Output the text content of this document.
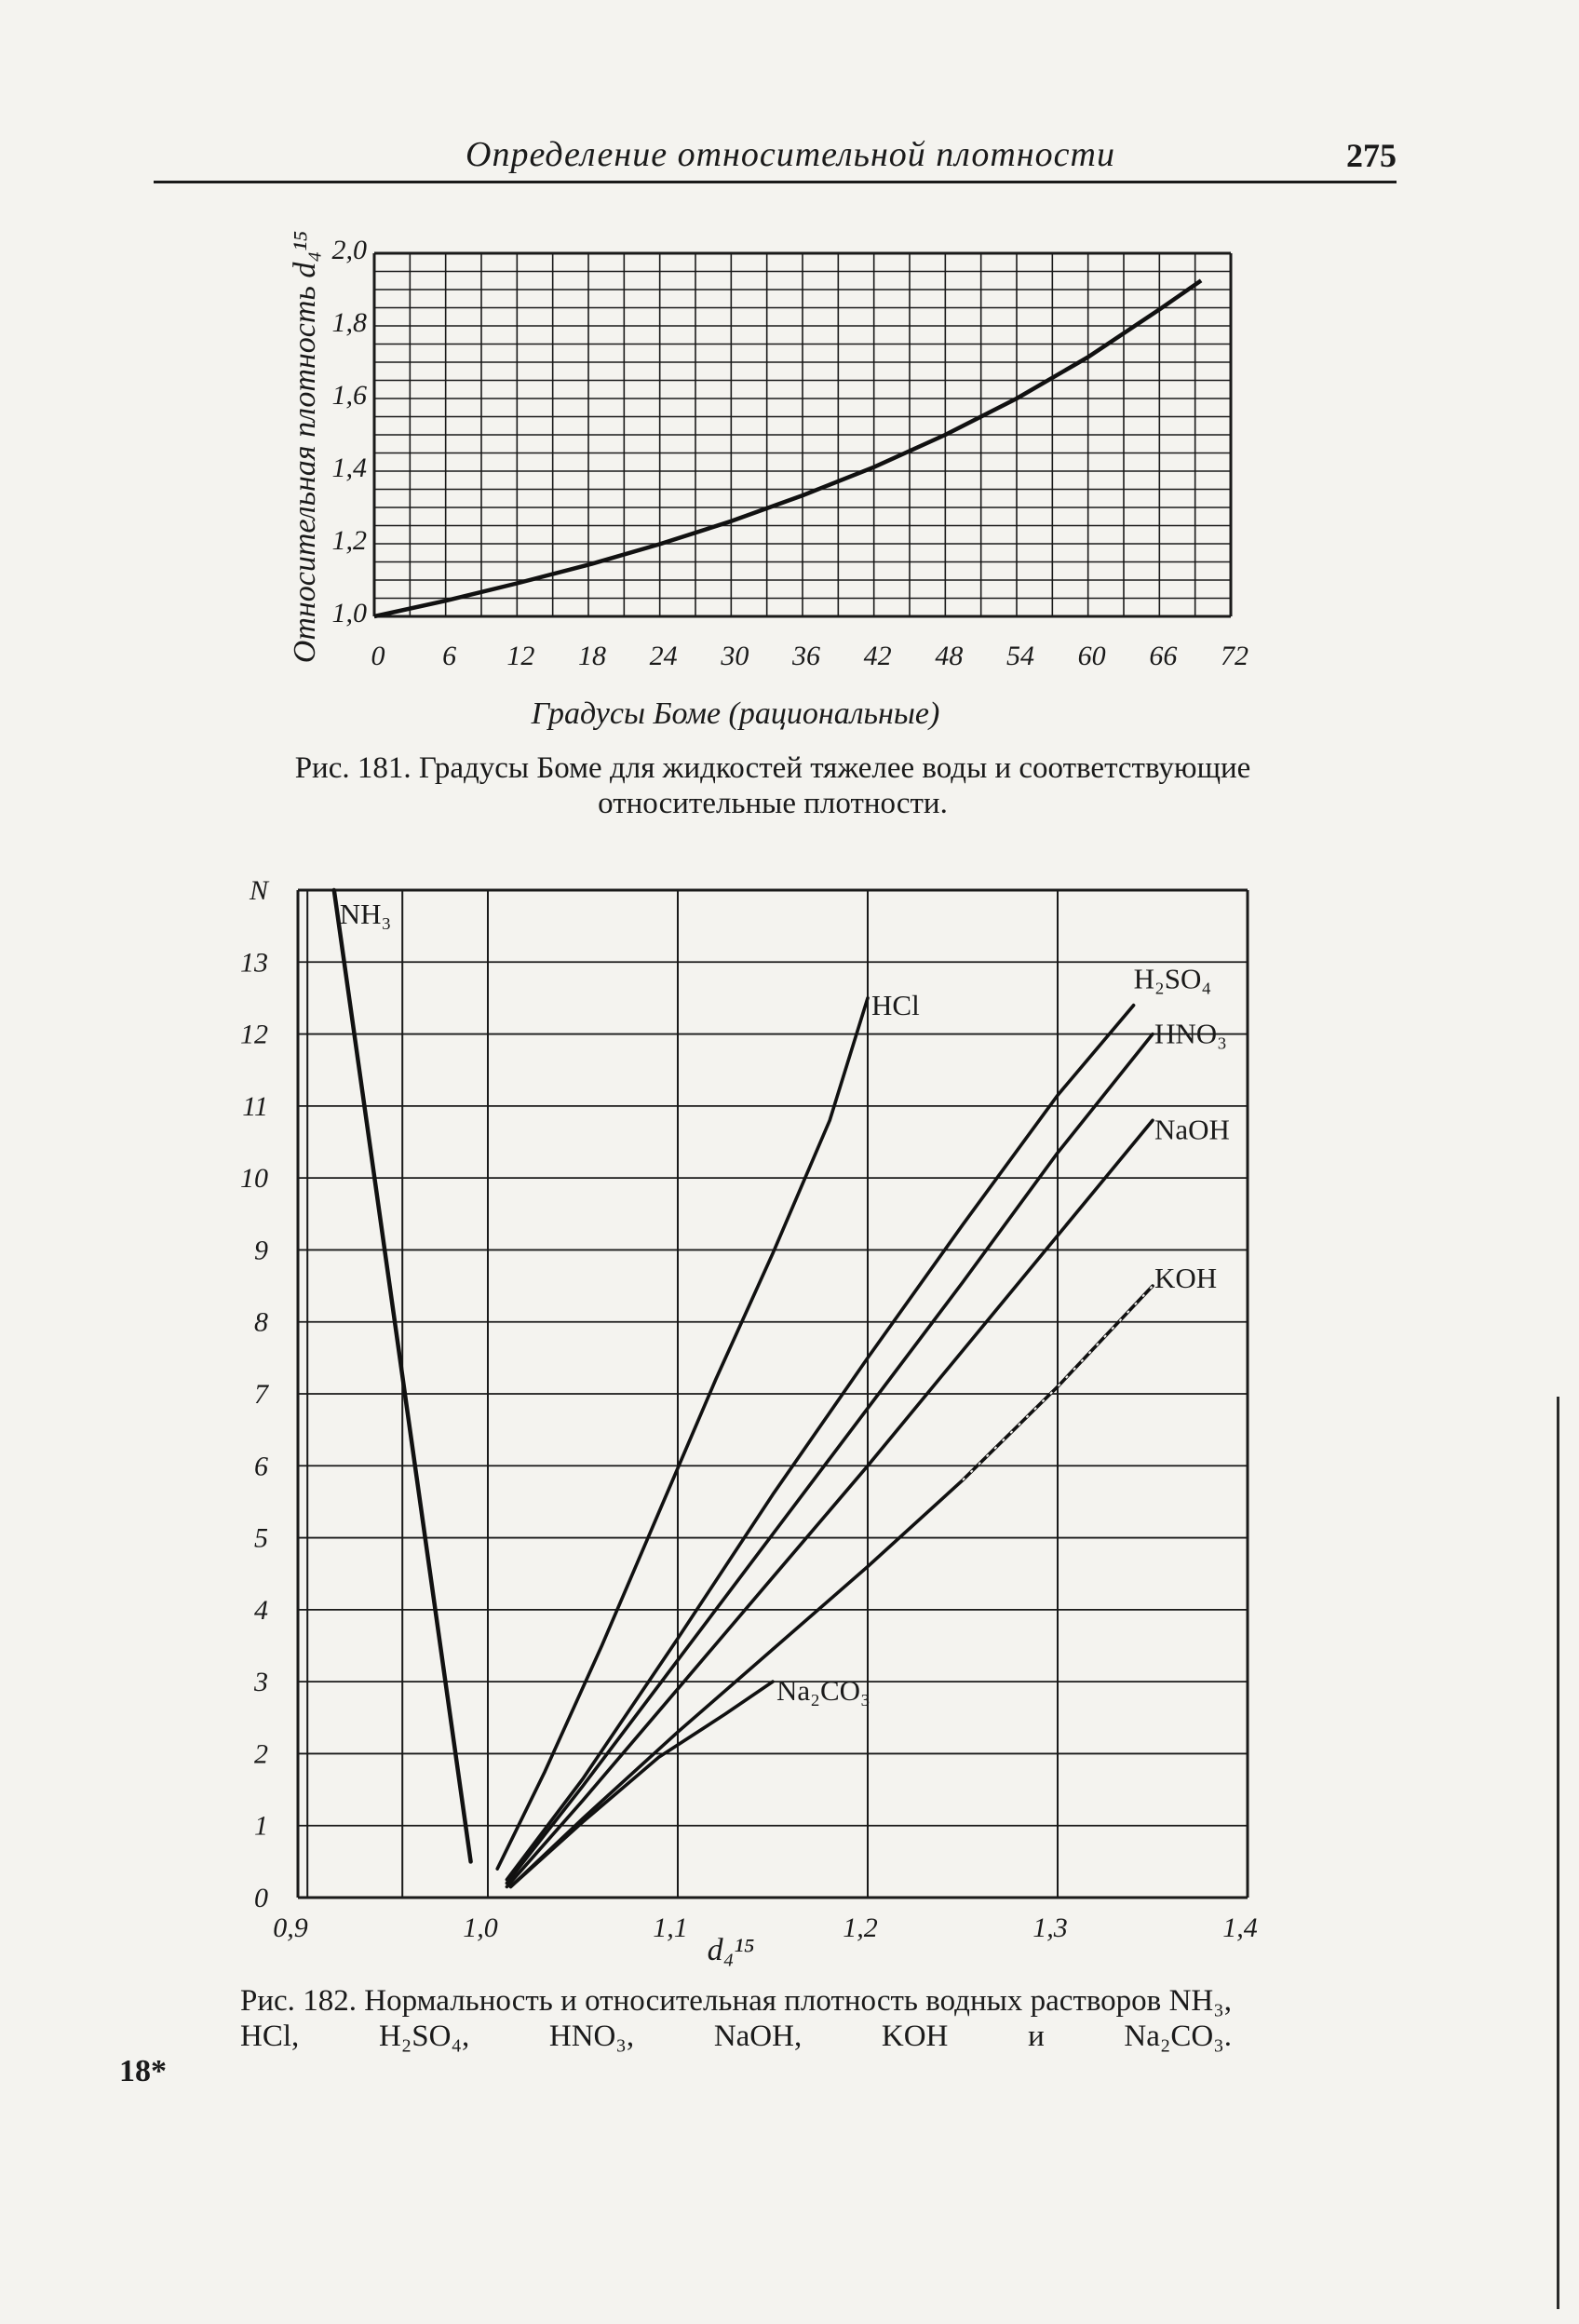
Определение относительной плотности	275
Градусы Боме (рациональные)
Относительная плотность d₄¹⁵ 0 6 12 18 24 30 36 42 48 54 60 66 72
1,0
1,2
1,4
1,6
1,8
2,0
d₄¹⁵
0,9	1,0	1,1	1,2	1,3	1,4
0
1
2
3
4
5
6
7
8
9
10
11
12
13
N
NH₃
HCl
H₂SO₄
HNO₃
NaOH
KOH
Na₂CO₃
Рис. 181. Градусы Боме для жидкостей тяжелее воды и соответствующие относительные плотности.
Рис. 182. Нормальность и относительная плотность водных растворов NH₃, HCl, H₂SO₄, HNO₃, NaOH, KOH и Na₂CO₃.
18*
